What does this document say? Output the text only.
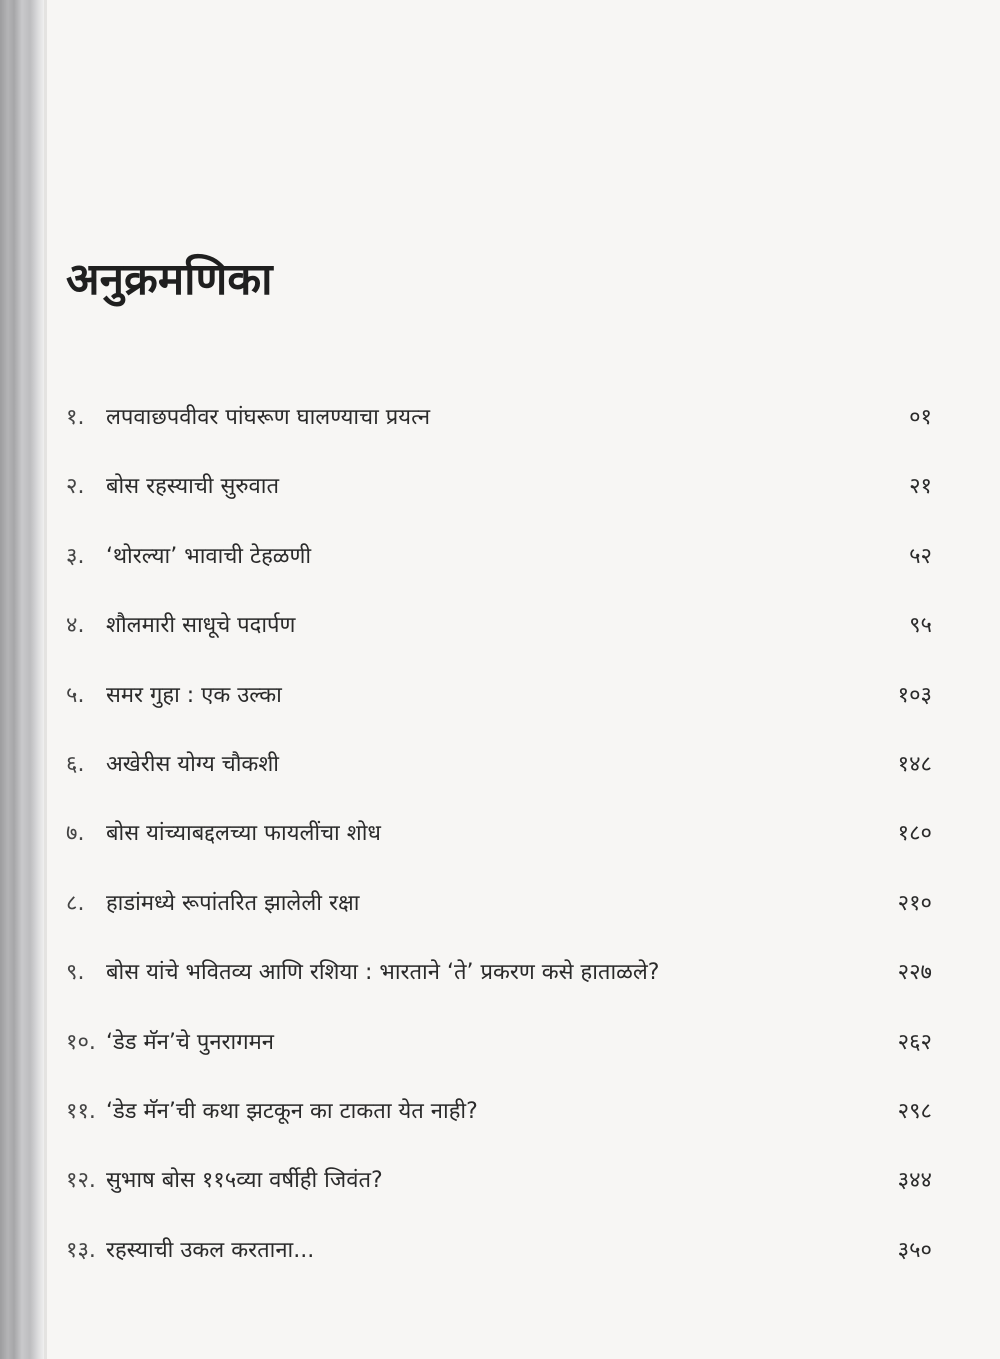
अनुक्रमणिका
१. लपवाछपवीवर पांघरूण घालण्याचा प्रयत्न	०१
२. बोस रहस्याची सुरुवात	२१
३. ‘थोरल्या’ भावाची टेहळणी	५२
४. शौलमारी साधूचे पदार्पण	९५
५. समर गुहा : एक उल्का	१०३
६. अखेरीस योग्य चौकशी	१४८
७. बोस यांच्याबद्दलच्या फायलींचा शोध	१८०
८. हाडांमध्ये रूपांतरित झालेली रक्षा	२१०
९. बोस यांचे भवितव्य आणि रशिया : भारताने ‘ते’ प्रकरण कसे हाताळले?	२२७
१०. ‘डेड मॅन’चे पुनरागमन	२६२
११. ‘डेड मॅन’ची कथा झटकून का टाकता येत नाही?	२९८
१२. सुभाष बोस ११५व्या वर्षीही जिवंत?	३४४
१३. रहस्याची उकल करताना...	३५०
